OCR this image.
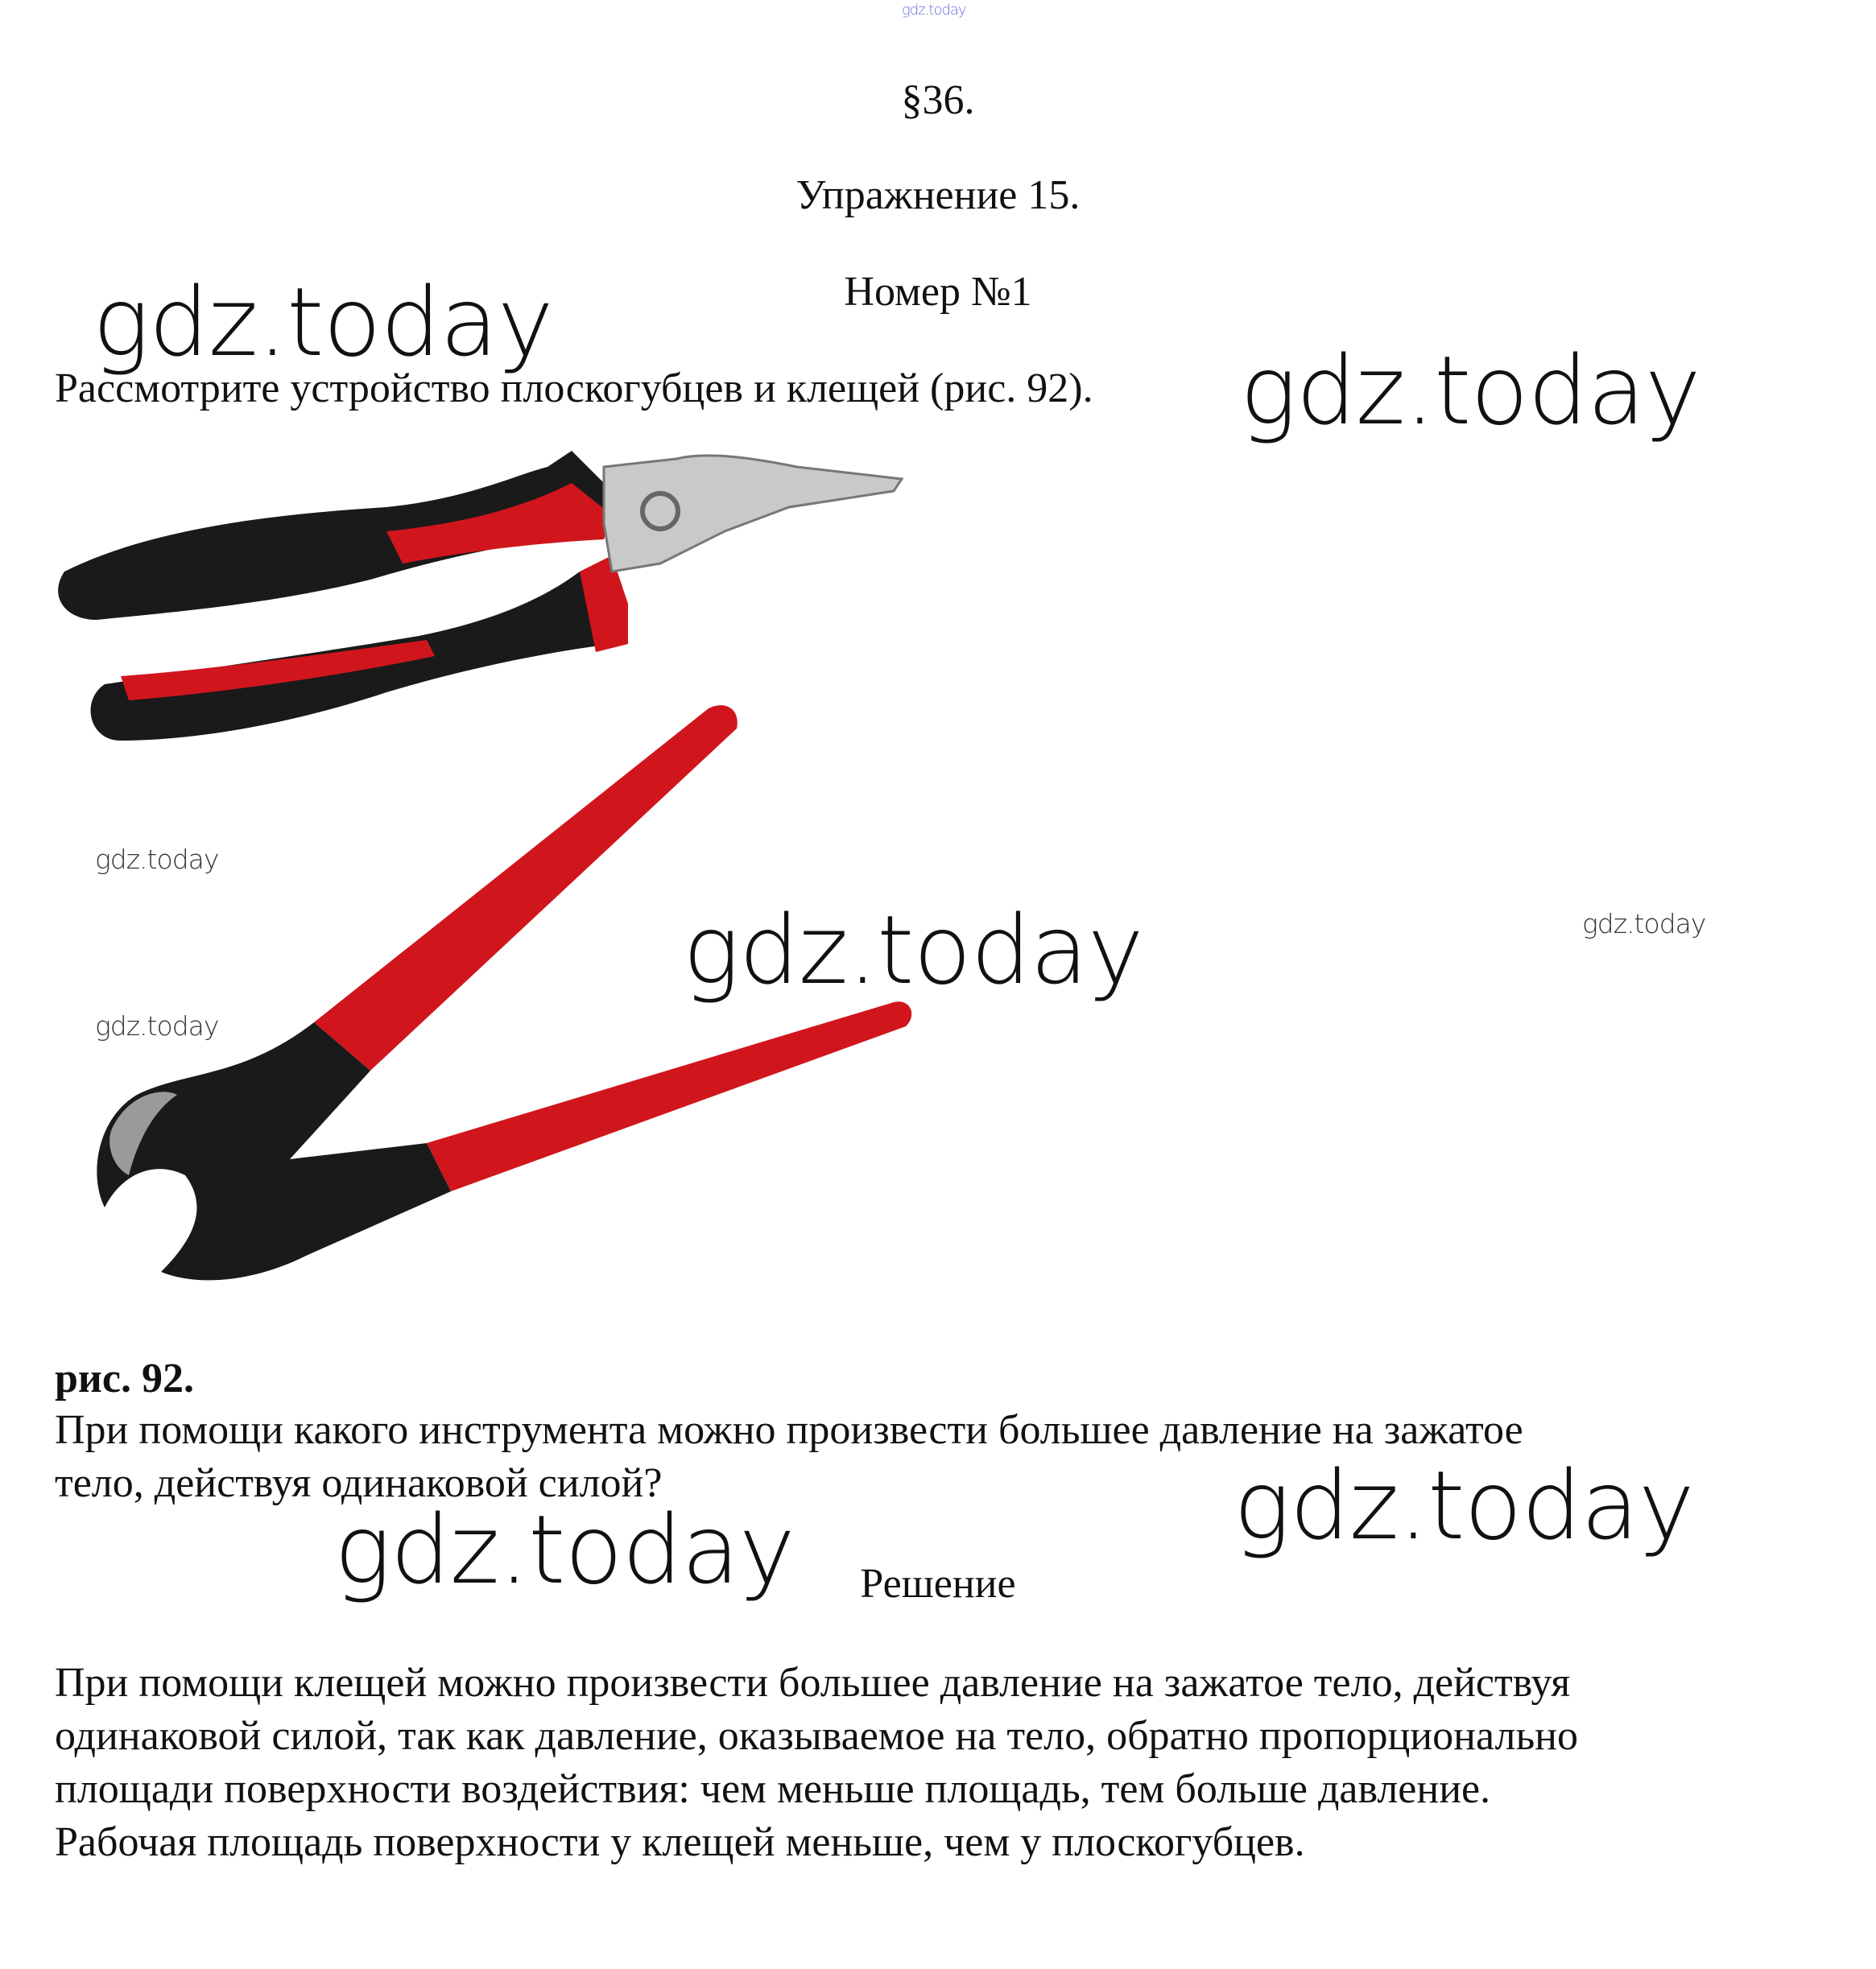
gdz.today
§36.
Упражнение 15.
Номер №1
Рассмотрите устройство плоскогубцев и клещей (рис. 92).
gdz.today
gdz.today
gdz.today
gdz.today	gdz.today
gdz.today
gdz.today
gdz.today
рис. 92.
При помощи какого инструмента можно произвести большее давление на зажатое
тело, действуя одинаковой силой?
Решение
При помощи клещей можно произвести большее давление на зажатое тело, действуя
одинаковой силой, так как давление, оказываемое на тело, обратно пропорционально
площади поверхности воздействия: чем меньше площадь, тем больше давление.
Рабочая площадь поверхности у клещей меньше, чем у плоскогубцев.
